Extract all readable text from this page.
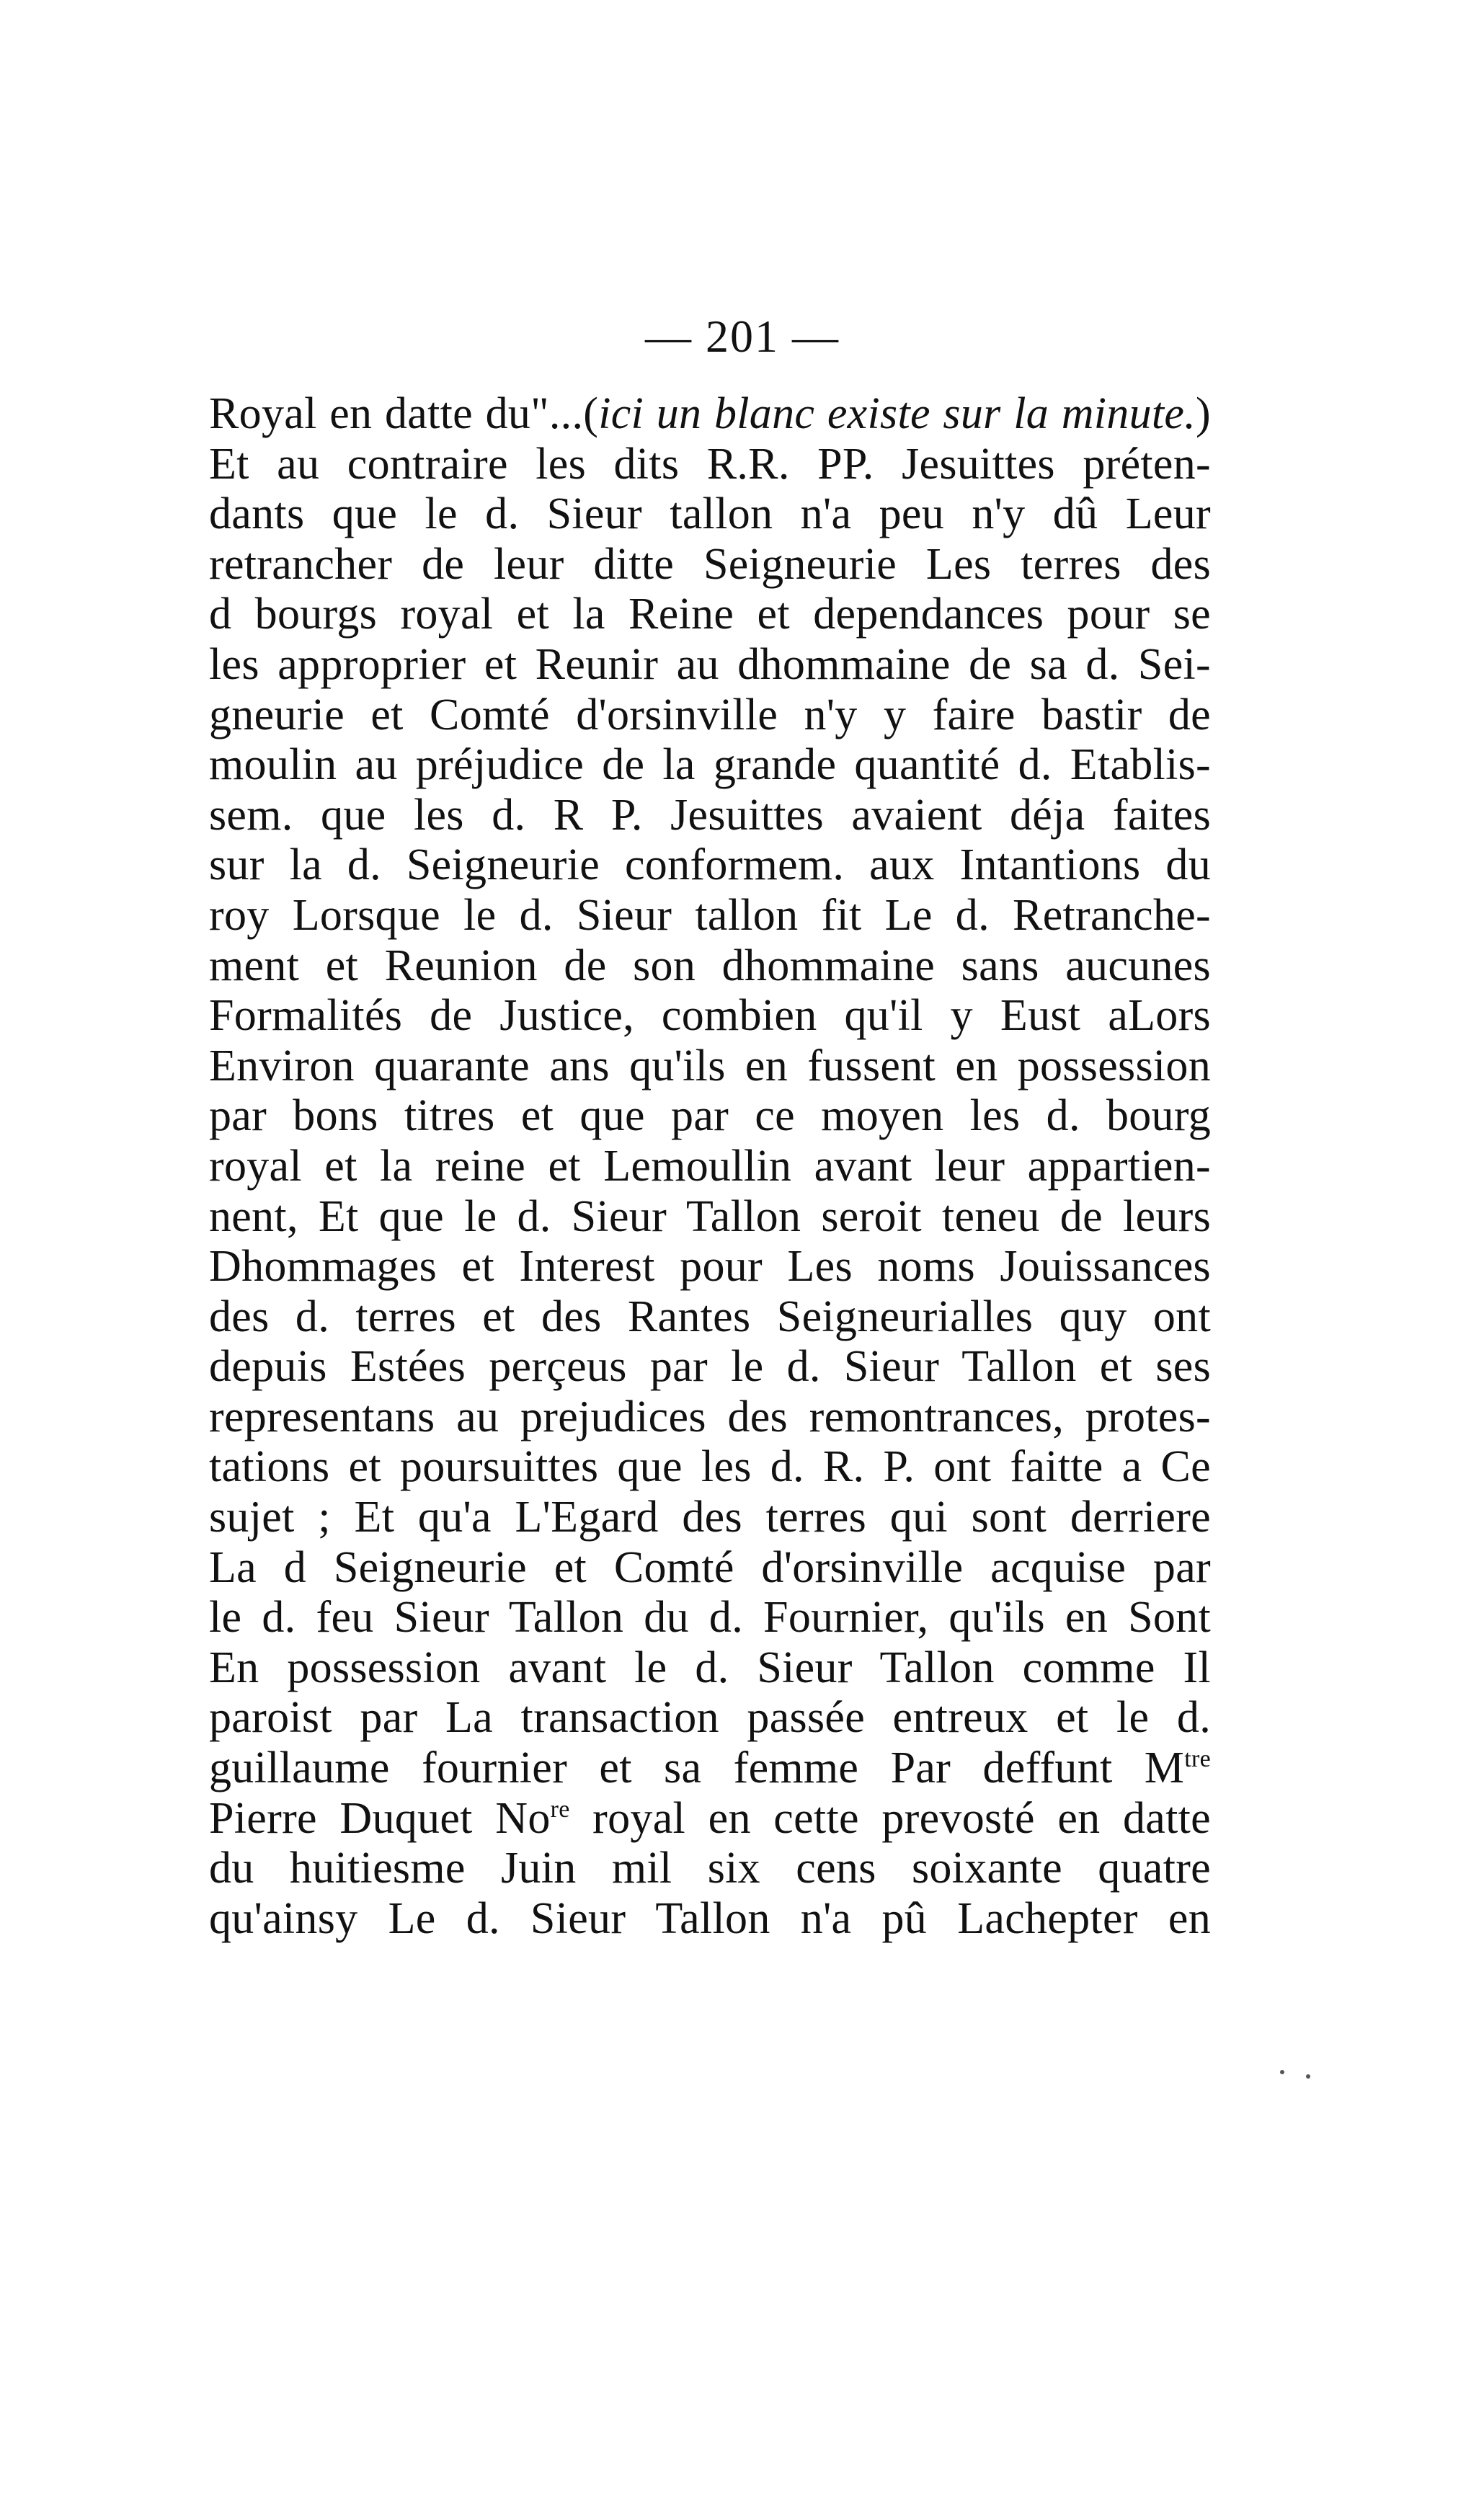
— 201 —
Royal en datte du"...(ici un blanc existe sur la minute.)
Et au contraire les dits R.R. PP. Jesuittes préten-
dants que le d. Sieur tallon n'a peu n'y dû Leur
retrancher de leur ditte Seigneurie Les terres des
d bourgs royal et la Reine et dependances pour se
les approprier et Reunir au dhommaine de sa d. Sei-
gneurie et Comté d'orsinville n'y y faire bastir de
moulin au préjudice de la grande quantité d. Etablis-
sem. que les d. R P. Jesuittes avaient déja faites
sur la d. Seigneurie conformem. aux Intantions du
roy Lorsque le d. Sieur tallon fit Le d. Retranche-
ment et Reunion de son dhommaine sans aucunes
Formalités de Justice, combien qu'il y Eust aLors
Environ quarante ans qu'ils en fussent en possession
par bons titres et que par ce moyen les d. bourg
royal et la reine et Lemoullin avant leur appartien-
nent, Et que le d. Sieur Tallon seroit teneu de leurs
Dhommages et Interest pour Les noms Jouissances
des d. terres et des Rantes Seigneurialles quy ont
depuis Estées perçeus par le d. Sieur Tallon et ses
representans au prejudices des remontrances, protes-
tations et poursuittes que les d. R. P. ont faitte a Ce
sujet ; Et qu'a L'Egard des terres qui sont derriere
La d Seigneurie et Comté d'orsinville acquise par
le d. feu Sieur Tallon du d. Fournier, qu'ils en Sont
En possession avant le d. Sieur Tallon comme Il
paroist par La transaction passée entreux et le d.
guillaume fournier et sa femme Par deffunt $M^{tre}$
Pierre Duquet $No^{re}$ royal en cette prevosté en datte
du huitiesme Juin mil six cens soixante quatre
qu'ainsy Le d. Sieur Tallon n'a pû Lachepter en
